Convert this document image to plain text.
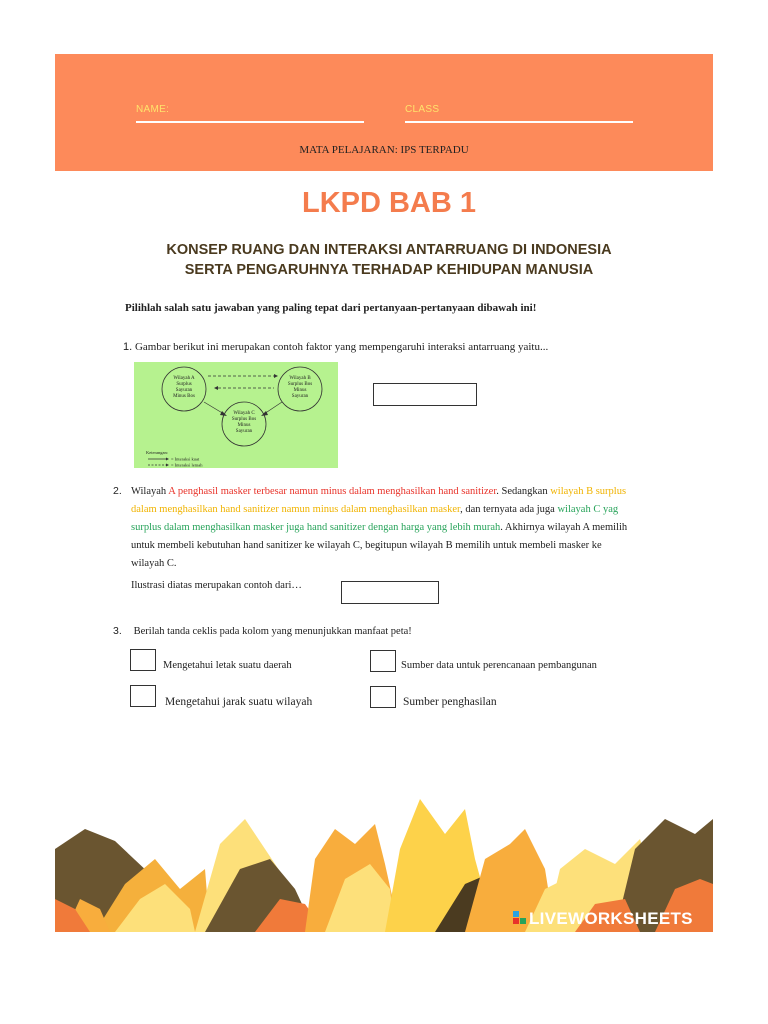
NAME:	CLASS
MATA PELAJARAN: IPS TERPADU
LKPD BAB 1
KONSEP RUANG DAN INTERAKSI ANTARRUANG DI INDONESIA
SERTA PENGARUHNYA TERHADAP KEHIDUPAN MANUSIA
Pilihlah salah satu jawaban yang paling tepat dari pertanyaan-pertanyaan dibawah ini!
1. Gambar berikut ini merupakan contoh faktor yang mempengaruhi interaksi antarruang yaitu...
Wilayah A
Surplus
Sayuran
Minus Bos
Wilayah B
Surplus Bos
Minus
Sayuran
Wilayah C
Surplus Bos
Minus
Sayuran
Keterangan:
= Interaksi kuat
= Interaksi lemah
2. Wilayah A penghasil masker terbesar namun minus dalam menghasilkan hand sanitizer. Sedangkan wilayah B surplus
dalam menghasilkan hand sanitizer namun minus dalam menghasilkan masker, dan ternyata ada juga wilayah C yag
surplus dalam menghasilkan masker juga hand sanitizer dengan harga yang lebih murah. Akhirnya wilayah A memilih
untuk membeli kebutuhan hand sanitizer ke wilayah C, begitupun wilayah B memilih untuk membeli masker ke
wilayah C.
Ilustrasi diatas merupakan contoh dari…
3. Berilah tanda ceklis pada kolom yang menunjukkan manfaat peta!
Mengetahui letak suatu daerah	Sumber data untuk perencanaan pembangunan
Mengetahui jarak suatu wilayah	Sumber penghasilan
LIVEWORKSHEETS
